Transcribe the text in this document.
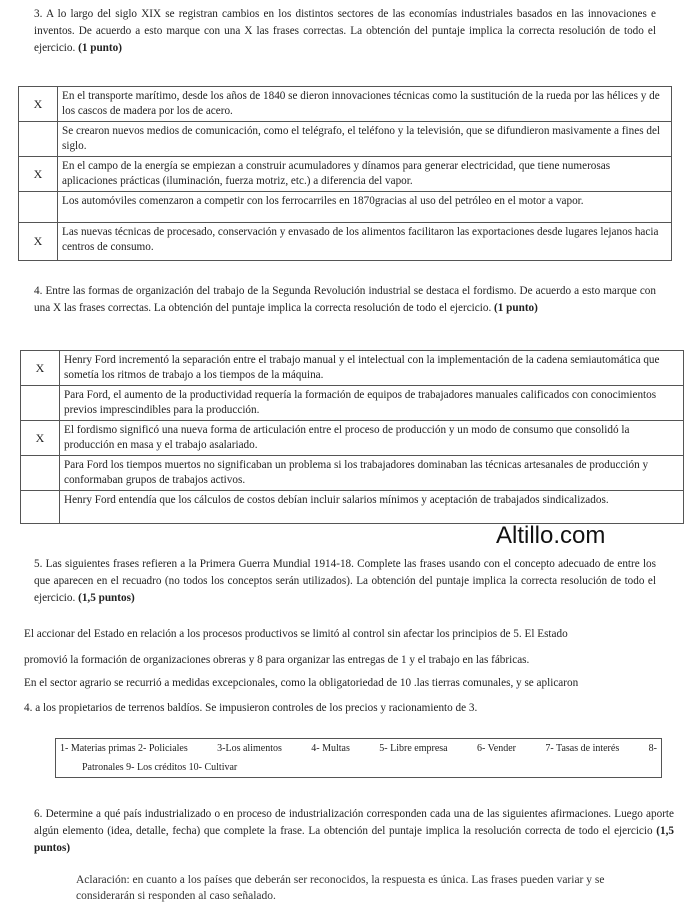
3. A lo largo del siglo XIX se registran cambios en los distintos sectores de las economías industriales basados en las innovaciones e inventos. De acuerdo a esto marque con una X las frases correctas. La obtención del puntaje implica la correcta resolución de todo el ejercicio. (1 punto)
X	En el transporte marítimo, desde los años de 1840 se dieron innovaciones técnicas como la sustitución de la rueda por las hélices y de los cascos de madera por los de acero.
	Se crearon nuevos medios de comunicación, como el telégrafo, el teléfono y la televisión, que se difundieron masivamente a fines del siglo.
X	En el campo de la energía se empiezan a construir acumuladores y dínamos para generar electricidad, que tiene numerosas aplicaciones prácticas (iluminación, fuerza motriz, etc.) a diferencia del vapor.
	Los automóviles comenzaron a competir con los ferrocarriles en 1870gracias al uso del petróleo en el motor a vapor.
X	Las nuevas técnicas de procesado, conservación y envasado de los alimentos facilitaron las exportaciones desde lugares lejanos hacia centros de consumo.
4. Entre las formas de organización del trabajo de la Segunda Revolución industrial se destaca el fordismo. De acuerdo a esto marque con una X las frases correctas. La obtención del puntaje implica la correcta resolución de todo el ejercicio. (1 punto)
X	Henry Ford incrementó la separación entre el trabajo manual y el intelectual con la implementación de la cadena semiautomática que sometía los ritmos de trabajo a los tiempos de la máquina.
	Para Ford, el aumento de la productividad requería la formación de equipos de trabajadores manuales calificados con conocimientos previos imprescindibles para la producción.
X	El fordismo significó una nueva forma de articulación entre el proceso de producción y un modo de consumo que consolidó la producción en masa y el trabajo asalariado.
	Para Ford los tiempos muertos no significaban un problema si los trabajadores dominaban las técnicas artesanales de producción y conformaban grupos de trabajos activos.
	Henry Ford entendía que los cálculos de costos debían incluir salarios mínimos y aceptación de trabajados sindicalizados.
Altillo.com
5. Las siguientes frases refieren a la Primera Guerra Mundial 1914-18. Complete las frases usando con el concepto adecuado de entre los que aparecen en el recuadro (no todos los conceptos serán utilizados). La obtención del puntaje implica la correcta resolución de todo el ejercicio. (1,5 puntos)
El accionar del Estado en relación a los procesos productivos se limitó al control sin afectar los principios de 5. El Estado
promovió la formación de organizaciones obreras y 8 para organizar las entregas de 1 y el trabajo en las fábricas.
En el sector agrario se recurrió a medidas excepcionales, como la obligatoriedad de 10 .las tierras comunales, y se aplicaron
4. a los propietarios de terrenos baldíos. Se impusieron controles de los precios y racionamiento de 3.
1- Materias primas 2- Policiales	3-Los alimentos	4- Multas	5- Libre empresa	6- Vender	7- Tasas de interés	8-
Patronales 9- Los créditos 10- Cultivar
6. Determine a qué país industrializado o en proceso de industrialización corresponden cada una de las siguientes afirmaciones. Luego aporte algún elemento (idea, detalle, fecha) que complete la frase. La obtención del puntaje implica la resolución correcta de todo el ejercicio (1,5 puntos)
Aclaración: en cuanto a los países que deberán ser reconocidos, la respuesta es única. Las frases pueden variar y se considerarán si responden al caso señalado.
